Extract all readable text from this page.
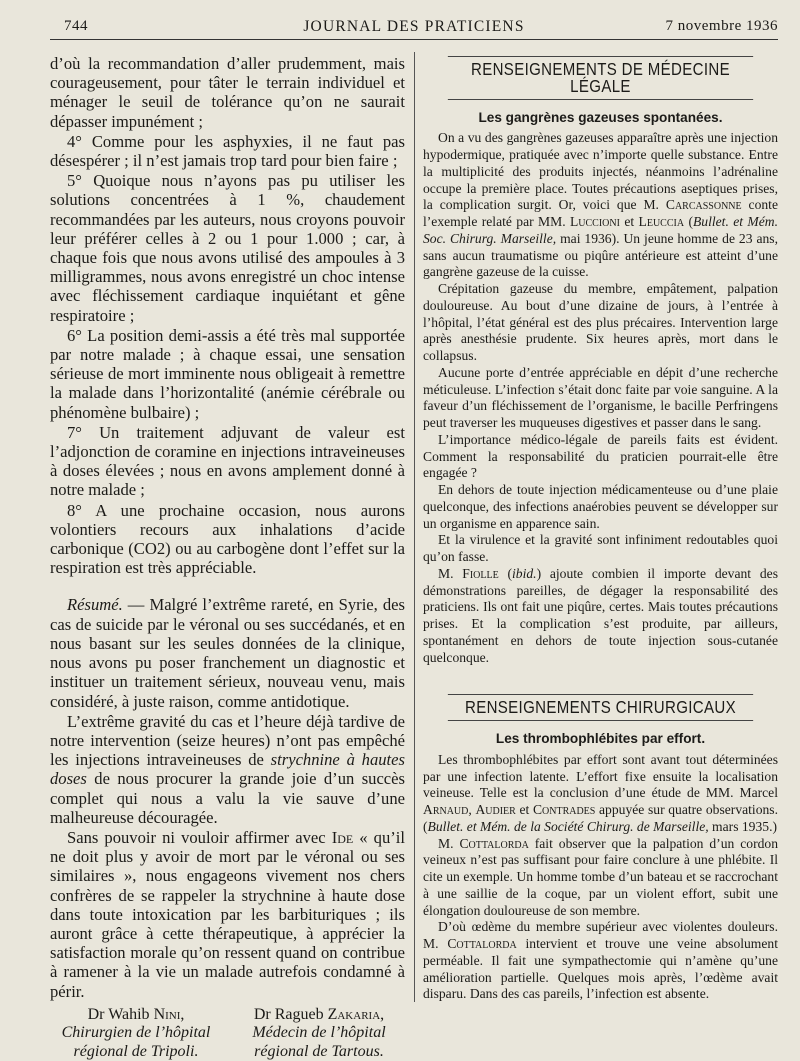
744	JOURNAL DES PRATICIENS	7 novembre 1936

d’où la recommandation d’aller prudemment, mais courageusement, pour tâter le terrain individuel et ménager le seuil de tolérance qu’on ne saurait dépasser impunément ;

4° Comme pour les asphyxies, il ne faut pas désespérer ; il n’est jamais trop tard pour bien faire ;

5° Quoique nous n’ayons pas pu utiliser les solutions concentrées à 1 %, chaudement recommandées par les auteurs, nous croyons pouvoir leur préférer celles à 2 ou 1 pour 1.000 ; car, à chaque fois que nous avons utilisé des ampoules à 3 milligrammes, nous avons enregistré un choc intense avec fléchissement cardiaque inquiétant et gêne respiratoire ;

6° La position demi-assis a été très mal supportée par notre malade ; à chaque essai, une sensation sérieuse de mort imminente nous obligeait à remettre la malade dans l’horizontalité (anémie cérébrale ou phénomène bulbaire) ;

7° Un traitement adjuvant de valeur est l’adjonction de coramine en injections intraveineuses à doses élevées ; nous en avons amplement donné à notre malade ;

8° A une prochaine occasion, nous aurons volontiers recours aux inhalations d’acide carbonique (CO2) ou au carbogène dont l’effet sur la respiration est très appréciable.

Résumé. — Malgré l’extrême rareté, en Syrie, des cas de suicide par le véronal ou ses succédanés, et en nous basant sur les seules données de la clinique, nous avons pu poser franchement un diagnostic et instituer un traitement sérieux, nouveau venu, mais considéré, à juste raison, comme antidotique.

L’extrême gravité du cas et l’heure déjà tardive de notre intervention (seize heures) n’ont pas empêché les injections intraveineuses de strychnine à hautes doses de nous procurer la grande joie d’un succès complet qui nous a valu la vie sauve d’une malheureuse découragée.

Sans pouvoir ni vouloir affirmer avec Ide « qu’il ne doit plus y avoir de mort par le véronal ou ses similaires », nous engageons vivement nos chers confrères de se rappeler la strychnine à haute dose dans toute intoxication par les barbituriques ; ils auront grâce à cette thérapeutique, à apprécier la satisfaction morale qu’on ressent quand on contribue à ramener à la vie un malade autrefois condamné à périr.

Dr Wahib Nini,
Chirurgien de l’hôpital
régional de Tripoli.
Dr Ragueb Zakaria,
Médecin de l’hôpital
régional de Tartous.
RENSEIGNEMENTS DE MÉDECINE LÉGALE
Les gangrènes gazeuses spontanées.

On a vu des gangrènes gazeuses apparaître après une injection hypodermique, pratiquée avec n’importe quelle substance. Entre la multiplicité des produits injectés, néanmoins l’adrénaline occupe la première place. Toutes précautions aseptiques prises, la complication surgit. Or, voici que M. Carcassonne conte l’exemple relaté par MM. Luccioni et Leuccia (Bullet. et Mém. Soc. Chirurg. Marseille, mai 1936). Un jeune homme de 23 ans, sans aucun traumatisme ou piqûre antérieure est atteint d’une gangrène gazeuse de la cuisse.

Crépitation gazeuse du membre, empâtement, palpation douloureuse. Au bout d’une dizaine de jours, à l’entrée à l’hôpital, l’état général est des plus précaires. Intervention large après anesthésie prudente. Six heures après, mort dans le collapsus.

Aucune porte d’entrée appréciable en dépit d’une recherche méticuleuse. L’infection s’était donc faite par voie sanguine. A la faveur d’un fléchissement de l’organisme, le bacille Perfringens peut traverser les muqueuses digestives et passer dans le sang.

L’importance médico-légale de pareils faits est évident. Comment la responsabilité du praticien pourrait-elle être engagée ?

En dehors de toute injection médicamenteuse ou d’une plaie quelconque, des infections anaérobies peuvent se développer sur un organisme en apparence sain.

Et la virulence et la gravité sont infiniment redoutables quoi qu’on fasse.

M. Fiolle (ibid.) ajoute combien il importe devant des démonstrations pareilles, de dégager la responsabilité des praticiens. Ils ont fait une piqûre, certes. Mais toutes précautions prises. Et la complication s’est produite, par ailleurs, spontanément en dehors de toute injection sous-cutanée quelconque.

RENSEIGNEMENTS CHIRURGICAUX
Les thrombophlébites par effort.

Les thrombophlébites par effort sont avant tout déterminées par une infection latente. L’effort fixe ensuite la localisation veineuse. Telle est la conclusion d’une étude de MM. Marcel Arnaud, Audier et Contrades appuyée sur quatre observations. (Bullet. et Mém. de la Société Chirurg. de Marseille, mars 1935.)

M. Cottalorda fait observer que la palpation d’un cordon veineux n’est pas suffisant pour faire conclure à une phlébite. Il cite un exemple. Un homme tombe d’un bateau et se raccrochant à une saillie de la coque, par un violent effort, subit une élongation douloureuse de son membre.

D’où œdème du membre supérieur avec violentes douleurs. M. Cottalorda intervient et trouve une veine absolument perméable. Il fait une sympathectomie qui n’amène qu’une amélioration partielle. Quelques mois après, l’œdème avait disparu. Dans des cas pareils, l’infection est absente.
